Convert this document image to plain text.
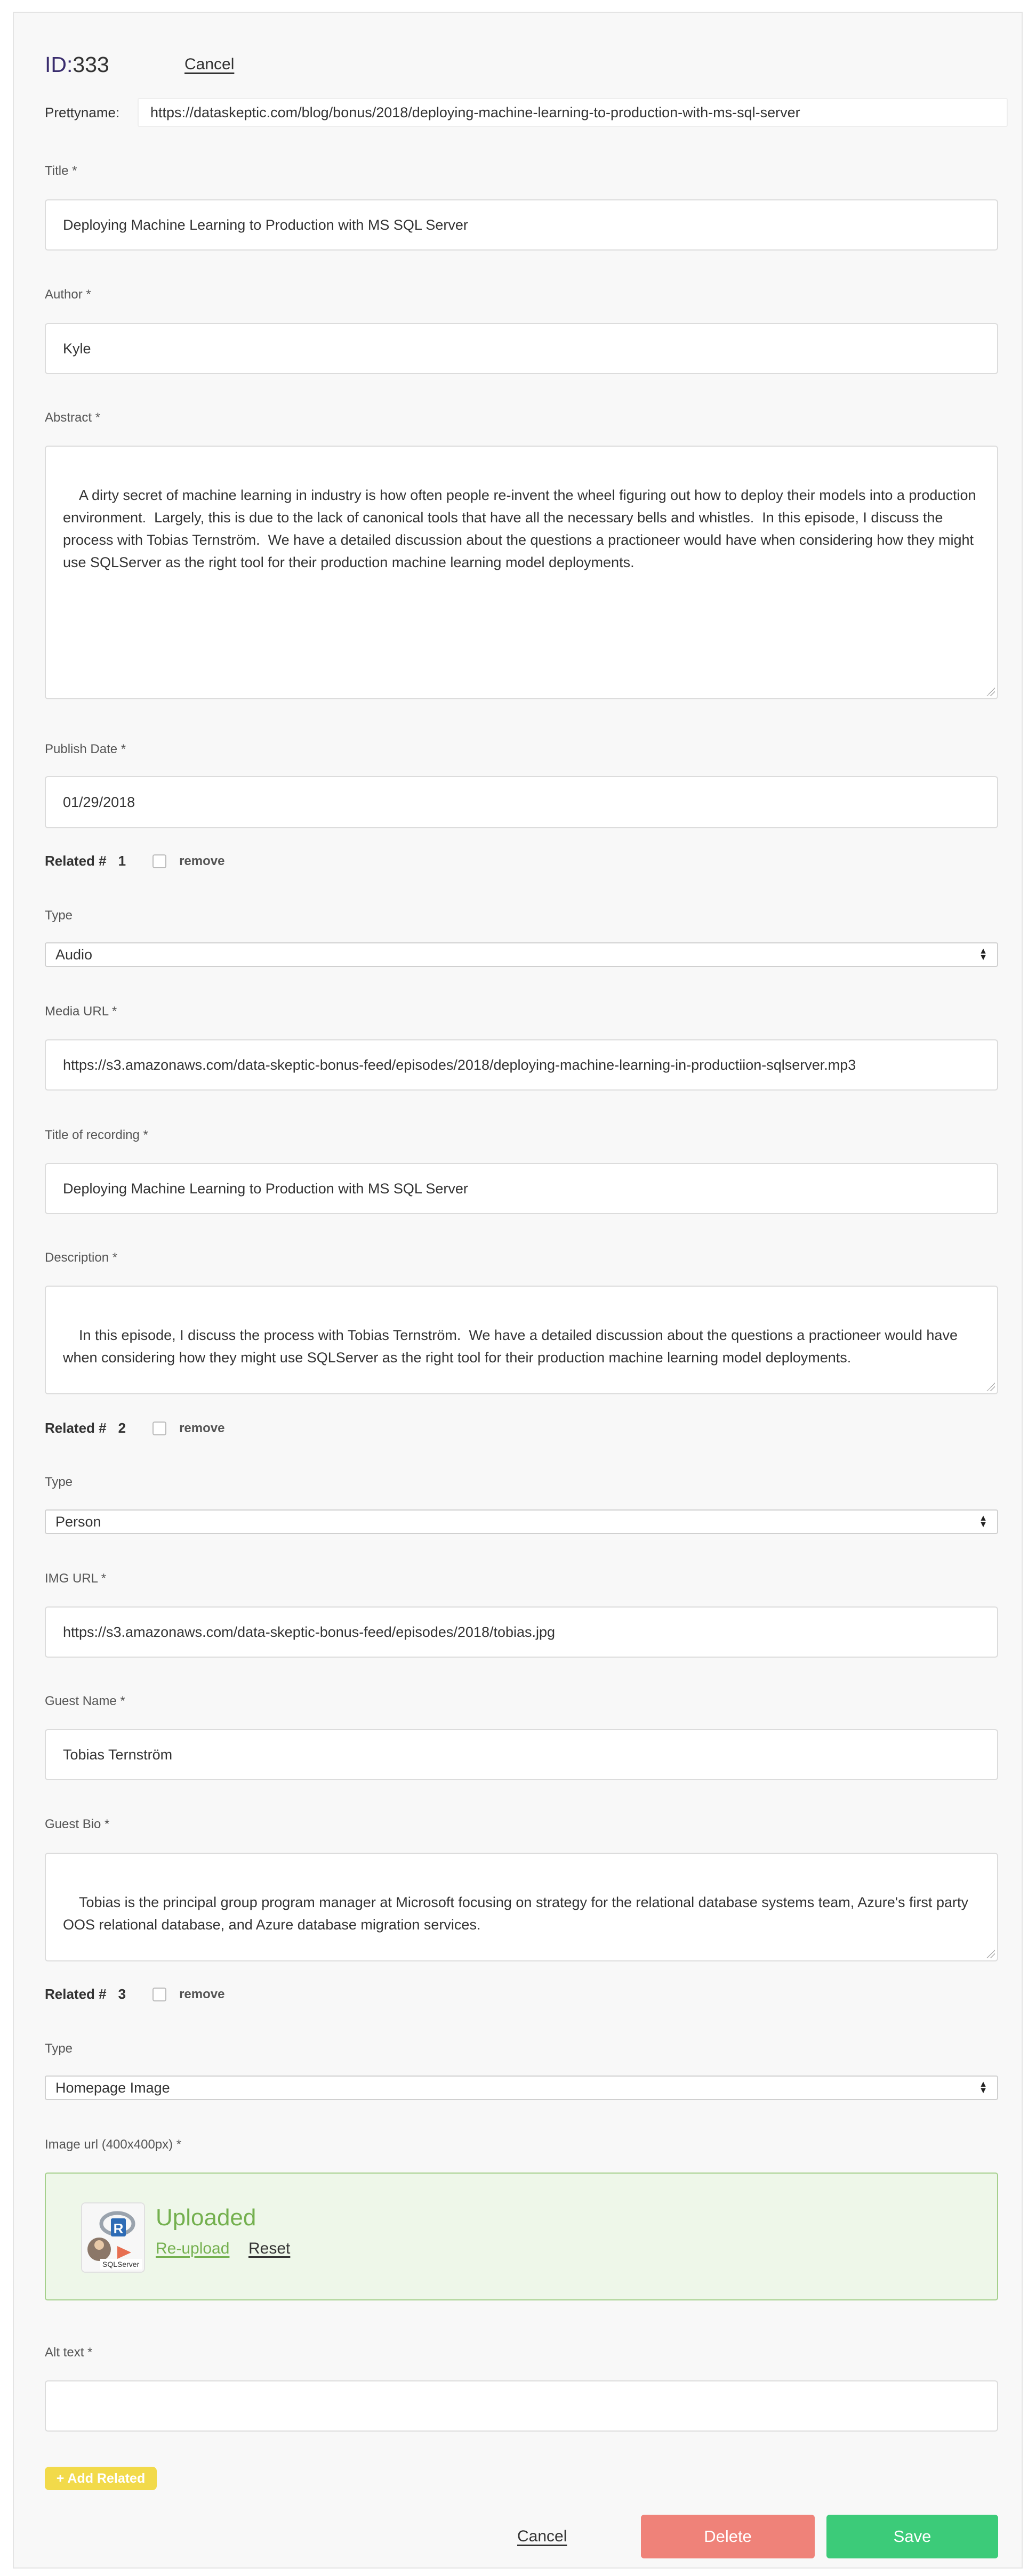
ID:333	Cancel
Prettyname:	https://dataskeptic.com/blog/bonus/2018/deploying-machine-learning-to-production-with-ms-sql-server
Title *
Deploying Machine Learning to Production with MS SQL Server
Author *
Kyle
Abstract *

A dirty secret of machine learning in industry is how often people re-invent the wheel figuring out how to deploy their models into a production environment.  Largely, this is due to the lack of canonical tools that have all the necessary bells and whistles.  In this episode, I discuss the process with Tobias Ternström.  We have a detailed discussion about the questions a practioneer would have when considering how they might use SQLServer as the right tool for their production machine learning model deployments.

Publish Date *
01/29/2018
Related # 1	remove
Type
Audio	▲
▼
Media URL *
https://s3.amazonaws.com/data-skeptic-bonus-feed/episodes/2018/deploying-machine-learning-in-productiion-sqlserver.mp3
Title of recording *
Deploying Machine Learning to Production with MS SQL Server
Description *

In this episode, I discuss the process with Tobias Ternström.  We have a detailed discussion about the questions a practioneer would have when considering how they might use SQLServer as the right tool for their production machine learning model deployments.

Related # 2	remove
Type
Person	▲
▼
IMG URL *
https://s3.amazonaws.com/data-skeptic-bonus-feed/episodes/2018/tobias.jpg
Guest Name *
Tobias Ternström
Guest Bio *

Tobias is the principal group program manager at Microsoft focusing on strategy for the relational database systems team, Azure's first party OOS relational database, and Azure database migration services.

Related # 3	remove
Type
Homepage Image	▲
▼
Image url (400x400px) *
R
SQLServer
Uploaded
Re-upload Reset
Alt text *
+ Add Related
Cancel	Delete	Save
